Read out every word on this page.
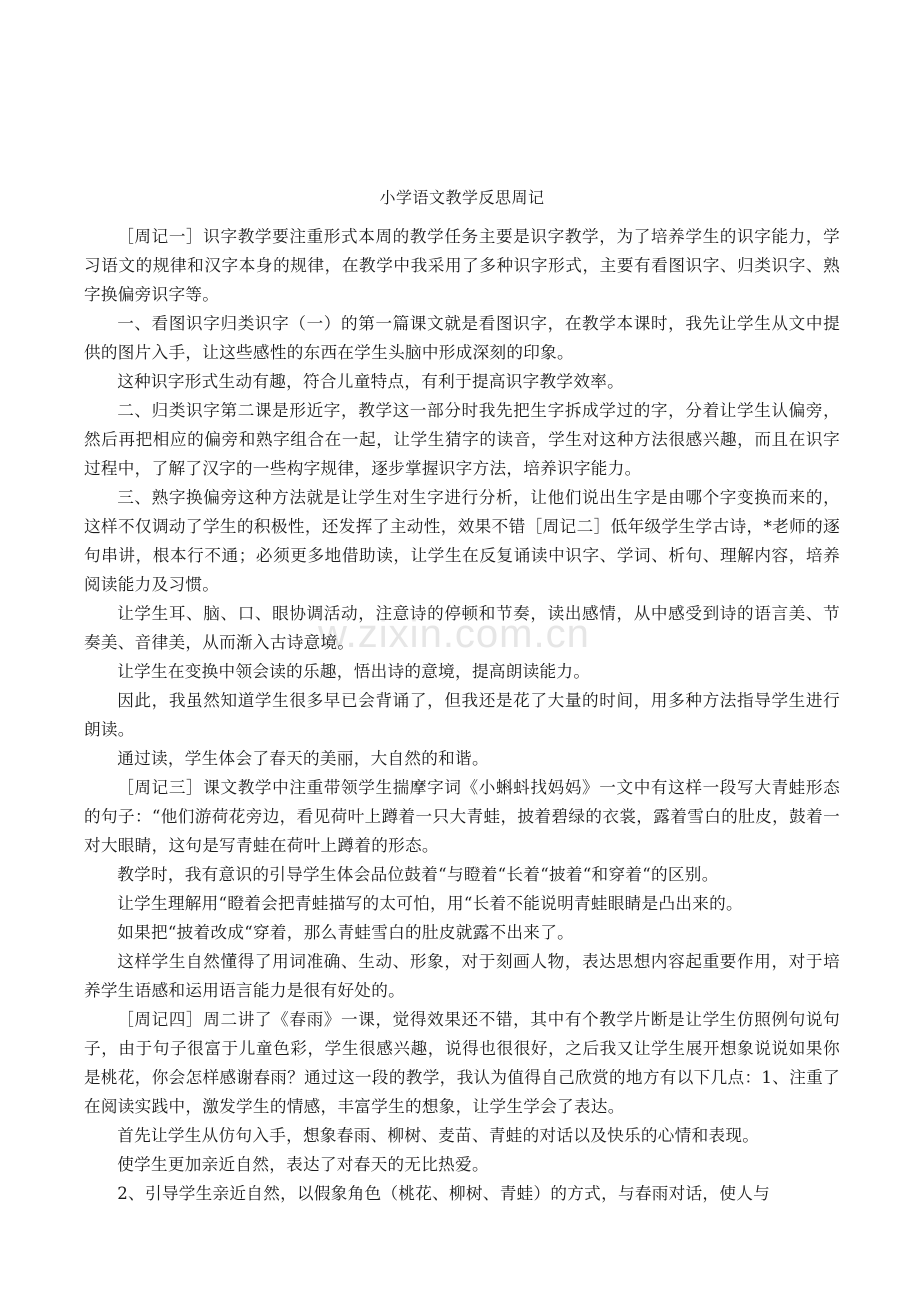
w.zixin.com.cn
小学语文教学反思周记

［周记一］识字教学要注重形式本周的教学任务主要是识字教学，为了培养学生的识字能力，学习语文的规律和汉字本身的规律，在教学中我采用了多种识字形式，主要有看图识字、归类识字、熟字换偏旁识字等。

一、看图识字归类识字（一）的第一篇课文就是看图识字，在教学本课时，我先让学生从文中提供的图片入手，让这些感性的东西在学生头脑中形成深刻的印象。

这种识字形式生动有趣，符合儿童特点，有利于提高识字教学效率。

二、归类识字第二课是形近字，教学这一部分时我先把生字拆成学过的字，分着让学生认偏旁，然后再把相应的偏旁和熟字组合在一起，让学生猜字的读音，学生对这种方法很感兴趣，而且在识字过程中，了解了汉字的一些构字规律，逐步掌握识字方法，培养识字能力。

三、熟字换偏旁这种方法就是让学生对生字进行分析，让他们说出生字是由哪个字变换而来的，这样不仅调动了学生的积极性，还发挥了主动性，效果不错［周记二］低年级学生学古诗，*老师的逐句串讲，根本行不通；必须更多地借助读，让学生在反复诵读中识字、学词、析句、理解内容，培养阅读能力及习惯。

让学生耳、脑、口、眼协调活动，注意诗的停顿和节奏，读出感情，从中感受到诗的语言美、节奏美、音律美，从而渐入古诗意境。

让学生在变换中领会读的乐趣，悟出诗的意境，提高朗读能力。

因此，我虽然知道学生很多早已会背诵了，但我还是花了大量的时间，用多种方法指导学生进行朗读。

通过读，学生体会了春天的美丽，大自然的和谐。

［周记三］课文教学中注重带领学生揣摩字词《小蝌蚪找妈妈》一文中有这样一段写大青蛙形态的句子：“他们游荷花旁边，看见荷叶上蹲着一只大青蛙，披着碧绿的衣裳，露着雪白的肚皮，鼓着一对大眼睛，这句是写青蛙在荷叶上蹲着的形态。

教学时，我有意识的引导学生体会品位鼓着“与瞪着“长着“披着“和穿着“的区别。

让学生理解用“瞪着会把青蛙描写的太可怕，用“长着不能说明青蛙眼睛是凸出来的。

如果把“披着改成“穿着，那么青蛙雪白的肚皮就露不出来了。

这样学生自然懂得了用词准确、生动、形象，对于刻画人物，表达思想内容起重要作用，对于培养学生语感和运用语言能力是很有好处的。

［周记四］周二讲了《春雨》一课，觉得效果还不错，其中有个教学片断是让学生仿照例句说句子，由于句子很富于儿童色彩，学生很感兴趣，说得也很很好，之后我又让学生展开想象说说如果你是桃花，你会怎样感谢春雨？通过这一段的教学，我认为值得自己欣赏的地方有以下几点：1、注重了在阅读实践中，激发学生的情感，丰富学生的想象，让学生学会了表达。

首先让学生从仿句入手，想象春雨、柳树、麦苗、青蛙的对话以及快乐的心情和表现。

使学生更加亲近自然，表达了对春天的无比热爱。

2、引导学生亲近自然，以假象角色（桃花、柳树、青蛙）的方式，与春雨对话，使人与
